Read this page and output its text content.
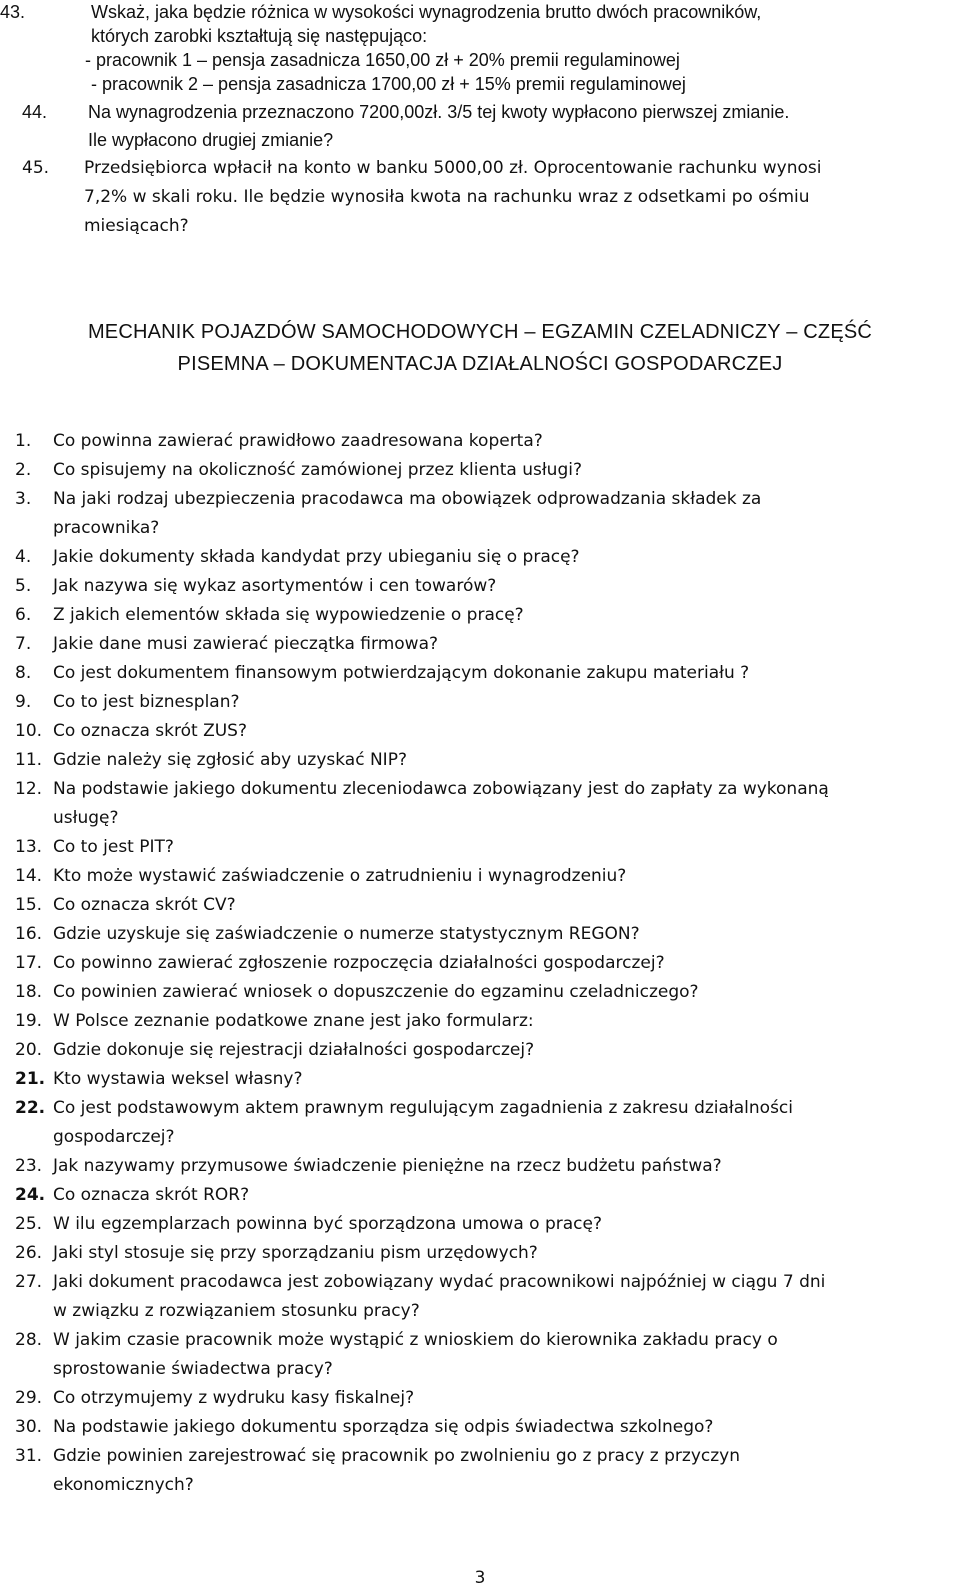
43.	Wskaż, jaka będzie różnica w wysokości wynagrodzenia brutto dwóch pracowników,
których zarobki kształtują się następująco:
- pracownik 1 – pensja zasadnicza 1650,00 zł + 20% premii regulaminowej
- pracownik 2 – pensja zasadnicza 1700,00 zł + 15% premii regulaminowej
44. Na wynagrodzenia przeznaczono 7200,00zł. 3/5 tej kwoty wypłacono pierwszej zmianie.
Ile wypłacono drugiej zmianie?
45. Przedsiębiorca wpłacił na konto w banku 5000,00 zł. Oprocentowanie rachunku wynosi
7,2% w skali roku. Ile będzie wynosiła kwota na rachunku wraz z odsetkami po ośmiu
miesiącach?
MECHANIK POJAZDÓW SAMOCHODOWYCH – EGZAMIN CZELADNICZY – CZĘŚĆ
PISEMNA – DOKUMENTACJA DZIAŁALNOŚCI GOSPODARCZEJ
1. Co powinna zawierać prawidłowo zaadresowana koperta?
2. Co spisujemy na okoliczność zamówionej przez klienta usługi?
3. Na jaki rodzaj ubezpieczenia pracodawca ma obowiązek odprowadzania składek za
pracownika?
4. Jakie dokumenty składa kandydat przy ubieganiu się o pracę?
5. Jak nazywa się wykaz asortymentów i cen towarów?
6. Z jakich elementów składa się wypowiedzenie o pracę?
7. Jakie dane musi zawierać pieczątka firmowa?
8. Co jest dokumentem finansowym potwierdzającym dokonanie zakupu materiału ?
9. Co to jest biznesplan?
10. Co oznacza skrót ZUS?
11. Gdzie należy się zgłosić aby uzyskać NIP?
12. Na podstawie jakiego dokumentu zleceniodawca zobowiązany jest do zapłaty za wykonaną
usługę?
13. Co to jest PIT?
14. Kto może wystawić zaświadczenie o zatrudnieniu i wynagrodzeniu?
15. Co oznacza skrót CV?
16. Gdzie uzyskuje się zaświadczenie o numerze statystycznym REGON?
17. Co powinno zawierać zgłoszenie rozpoczęcia działalności gospodarczej?
18. Co powinien zawierać wniosek o dopuszczenie do egzaminu czeladniczego?
19. W Polsce zeznanie podatkowe znane jest jako formularz:
20. Gdzie dokonuje się rejestracji działalności gospodarczej?
21. Kto wystawia weksel własny?
22. Co jest podstawowym aktem prawnym regulującym zagadnienia z zakresu działalności
gospodarczej?
23. Jak nazywamy przymusowe świadczenie pieniężne na rzecz budżetu państwa?
24. Co oznacza skrót ROR?
25. W ilu egzemplarzach powinna być sporządzona umowa o pracę?
26. Jaki styl stosuje się przy sporządzaniu pism urzędowych?
27. Jaki dokument pracodawca jest zobowiązany wydać pracownikowi najpóźniej w ciągu 7 dni
w związku z rozwiązaniem stosunku pracy?
28. W jakim czasie pracownik może wystąpić z wnioskiem do kierownika zakładu pracy o
sprostowanie świadectwa pracy?
29. Co otrzymujemy z wydruku kasy fiskalnej?
30. Na podstawie jakiego dokumentu sporządza się odpis świadectwa szkolnego?
31. Gdzie powinien zarejestrować się pracownik po zwolnieniu go z pracy z przyczyn
ekonomicznych?
3
